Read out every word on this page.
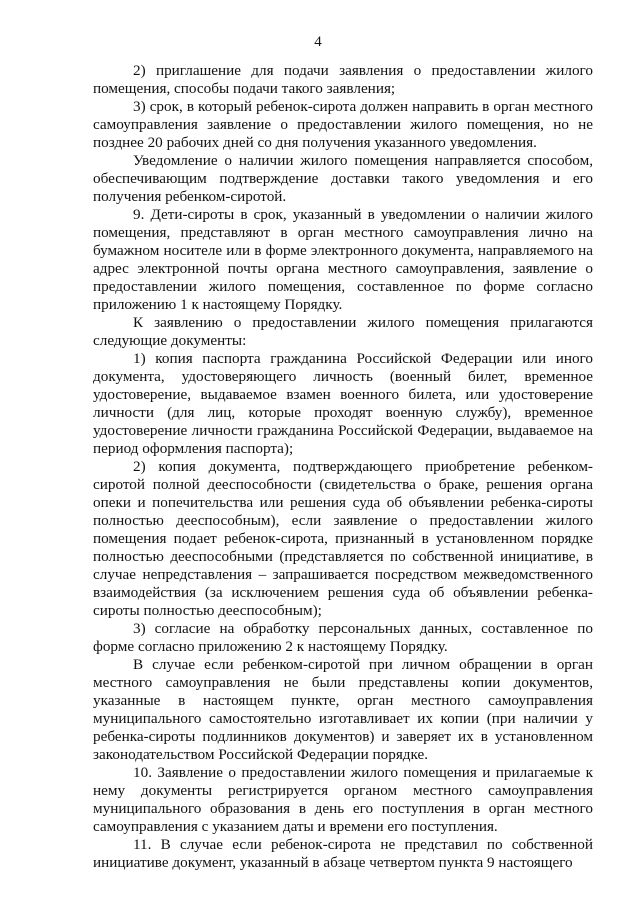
4

2) приглашение для подачи заявления о предоставлении жилого помещения, способы подачи такого заявления;

3) срок, в который ребенок-сирота должен направить в орган местного самоуправления заявление о предоставлении жилого помещения, но не позднее 20 рабочих дней со дня получения указанного уведомления.

Уведомление о наличии жилого помещения направляется способом, обеспечивающим подтверждение доставки такого уведомления и его получения ребенком-сиротой.

9. Дети-сироты в срок, указанный в уведомлении о наличии жилого помещения, представляют в орган местного самоуправления лично на бумажном носителе или в форме электронного документа, направляемого на адрес электронной почты органа местного самоуправления, заявление о предоставлении жилого помещения, составленное по форме согласно приложению 1 к настоящему Порядку.

К заявлению о предоставлении жилого помещения прилагаются следующие документы:

1) копия паспорта гражданина Российской Федерации или иного документа, удостоверяющего личность (военный билет, временное удостоверение, выдаваемое взамен военного билета, или удостоверение личности (для лиц, которые проходят военную службу), временное удостоверение личности гражданина Российской Федерации, выдаваемое на период оформления паспорта);

2) копия документа, подтверждающего приобретение ребенком-сиротой полной дееспособности (свидетельства о браке, решения органа опеки и попечительства или решения суда об объявлении ребенка-сироты полностью дееспособным), если заявление о предоставлении жилого помещения подает ребенок-сирота, признанный в установленном порядке полностью дееспособными (представляется по собственной инициативе, в случае непредставления – запрашивается посредством межведомственного взаимодействия (за исключением решения суда об объявлении ребенка-сироты полностью дееспособным);

3) согласие на обработку персональных данных, составленное по форме согласно приложению 2 к настоящему Порядку.

В случае если ребенком-сиротой при личном обращении в орган местного самоуправления не были представлены копии документов, указанные в настоящем пункте, орган местного самоуправления муниципального самостоятельно изготавливает их копии (при наличии у ребенка-сироты подлинников документов) и заверяет их в установленном законодательством Российской Федерации порядке.

10. Заявление о предоставлении жилого помещения и прилагаемые к нему документы регистрируется органом местного самоуправления муниципального образования в день его поступления в орган местного самоуправления с указанием даты и времени его поступления.

11. В случае если ребенок-сирота не представил по собственной инициативе документ, указанный в абзаце четвертом пункта 9 настоящего
